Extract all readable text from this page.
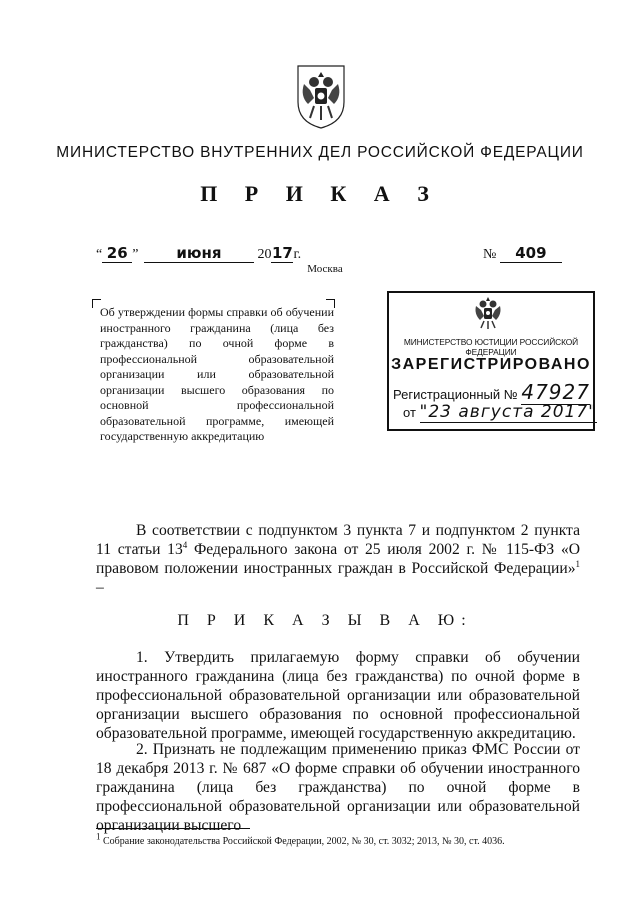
МИНИСТЕРСТВО ВНУТРЕННИХ ДЕЛ РОССИЙСКОЙ ФЕДЕРАЦИИ
П Р И К А З
“ 26 ”	июня	2017г.	№ 409
Москва
Об утверждении формы справки об обучении иностранного гражданина (лица без гражданства) по очной форме в профессиональной образовательной организации или образовательной организации высшего образования по основной профессиональной образовательной программе, имеющей государственную аккредитацию
МИНИСТЕРСТВО ЮСТИЦИИ РОССИЙСКОЙ ФЕДЕРАЦИИ
ЗАРЕГИСТРИРОВАНО
Регистрационный № 47927
от "23 августа 2017"
В соответствии с подпунктом 3 пункта 7 и подпунктом 2 пункта 11 статьи $13^4$ Федерального закона от 25 июля 2002 г. № 115-ФЗ «О правовом положении иностранных граждан в Российской Федерации»$^1$ –
П Р И К А З Ы В А Ю:
1. Утвердить прилагаемую форму справки об обучении иностранного гражданина (лица без гражданства) по очной форме в профессиональной образовательной организации или образовательной организации высшего образования по основной профессиональной образовательной программе, имеющей государственную аккредитацию.
2. Признать не подлежащим применению приказ ФМС России от 18 декабря 2013 г. № 687 «О форме справки об обучении иностранного гражданина (лица без гражданства) по очной форме в профессиональной образовательной организации или образовательной организации высшего
$^1$ Собрание законодательства Российской Федерации, 2002, № 30, ст. 3032; 2013, № 30, ст. 4036.
